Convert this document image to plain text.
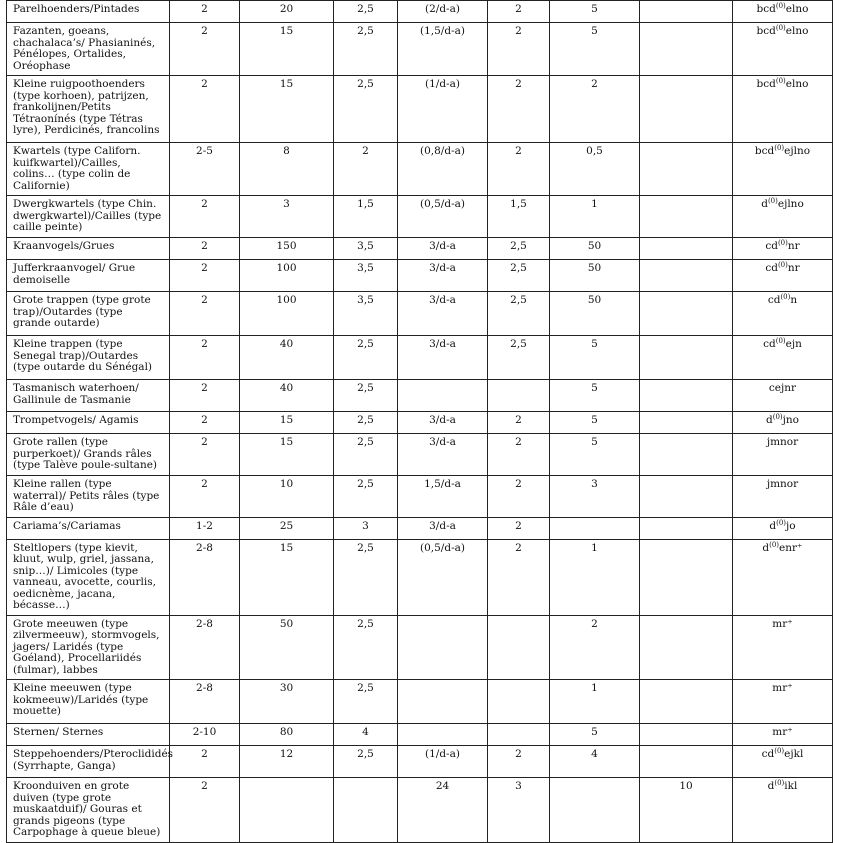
Parelhoenders/Pintades	2	20	2,5	(2/d-a)	2	5		bcd$^{(0)}$elno
Fazanten, goeans, chachalaca’s/ Phasianinés, Pénélopes, Ortalides, Oréophase	2	15	2,5	(1,5/d-a)	2	5		bcd$^{(0)}$elno
Kleine ruigpoothoenders (type korhoen), patrijzen, frankolijnen/Petits Tétraonínés (type Tétras lyre), Perdicinés, francolins	2	15	2,5	(1/d-a)	2	2		bcd$^{(0)}$elno
Kwartels (type Californ. kuifkwartel)/Cailles, colins… (type colin de Californie)	2-5	8	2	(0,8/d-a)	2	0,5		bcd$^{(0)}$ejlno
Dwergkwartels (type Chin. dwergkwartel)/Cailles (type caille peinte)	2	3	1,5	(0,5/d-a)	1,5	1		$d^{(0)}ejlno$
Kraanvogels/Grues	2	150	3,5	3/d-a	2,5	50		$cd^{(0)}nr$
Jufferkraanvogel/ Grue demoiselle	2	100	3,5	3/d-a	2,5	50		$cd^{(0)}nr$
Grote trappen (type grote trap)/Outardes (type grande outarde)	2	100	3,5	3/d-a	2,5	50		$cd^{(0)}n$
Kleine trappen (type Senegal trap)/Outardes (type outarde du Sénégal)	2	40	2,5	3/d-a	2,5	5		$cd^{(0)}ejn$
Tasmanisch waterhoen/ Gallinule de Tasmanie	2	40	2,5			5		cejnr
Trompetvogels/ Agamis	2	15	2,5	3/d-a	2	5		$d^{(0)}jno$
Grote rallen (type purperkoet)/ Grands râles (type Talève poule-sultane)	2	15	2,5	3/d-a	2	5		jmnor
Kleine rallen (type waterral)/ Petits râles (type Râle d’eau)	2	10	2,5	1,5/d-a	2	3		jmnor
Cariama’s/Cariamas	1-2	25	3	3/d-a	2			$d^{(0)}jo$
Steltlopers (type kievit, kluut, wulp, griel, jassana, snip…)/ Limicoles (type vanneau, avocette, courlis, oedicnème, jacana, bécasse…)	2-8	15	2,5	(0,5/d-a)	2	1		$d^{(0)}enr^+$
Grote meeuwen (type zilvermeeuw), stormvogels, jagers/ Laridés (type Goéland), Procellariidés (fulmar), labbes	2-8	50	2,5			2		mr⁺
Kleine meeuwen (type kokmeeuw)/Laridés (type mouette)	2-8	30	2,5			1		mr⁺
Sternen/ Sternes	2-10	80	4			5		mr⁺
Steppehoenders/Pteroclididés (Syrrhapte, Ganga)	2	12	2,5	(1/d-a)	2	4		$cd^{(0)}ejkl$
Kroonduiven en grote duiven (type grote muskaatduif)/ Gouras et grands pigeons (type Carpophage à queue bleue)	2			24	3		10	$d^{(0)}ikl$
